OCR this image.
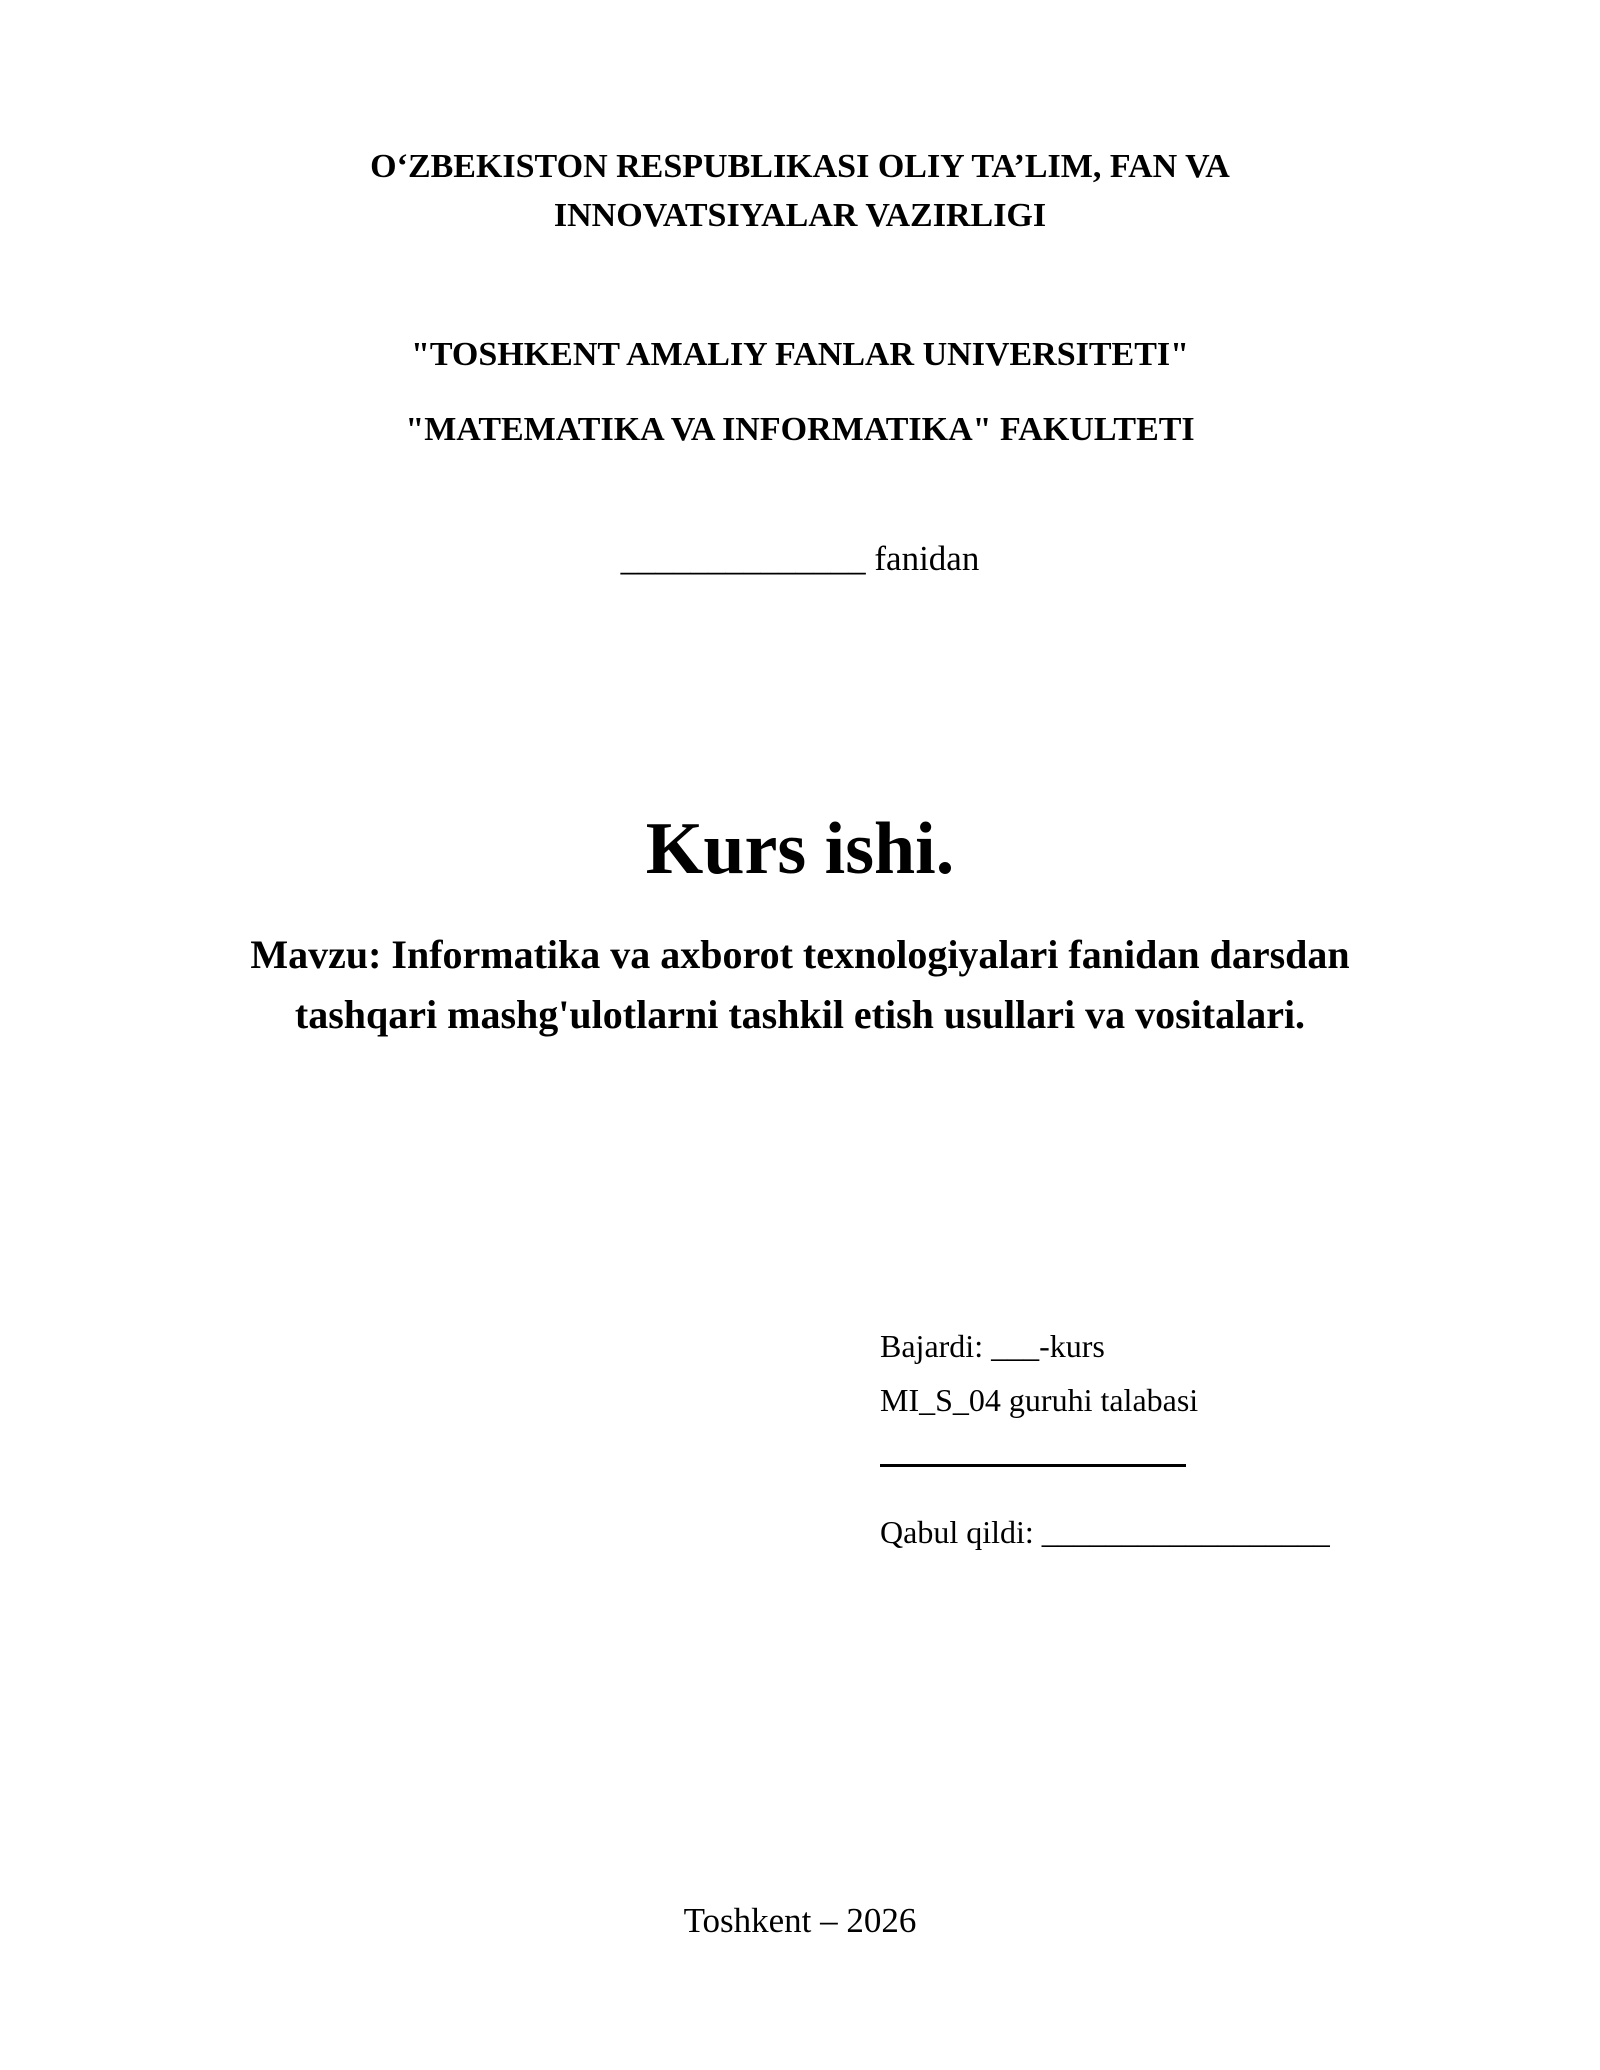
O‘ZBEKISTON RESPUBLIKASI OLIY TA’LIM, FAN VA
INNOVATSIYALAR VAZIRLIGI
"TOSHKENT AMALIY FANLAR UNIVERSITETI"
"MATEMATIKA VA INFORMATIKA" FAKULTETI
______________ fanidan
Kurs ishi.
Mavzu: Informatika va axborot texnologiyalari fanidan darsdan
tashqari mashg'ulotlarni tashkil etish usullari va vositalari.
Bajardi: ___-kurs
MI_S_04 guruhi talabasi
Qabul qildi: __________________
Toshkent – 2026
